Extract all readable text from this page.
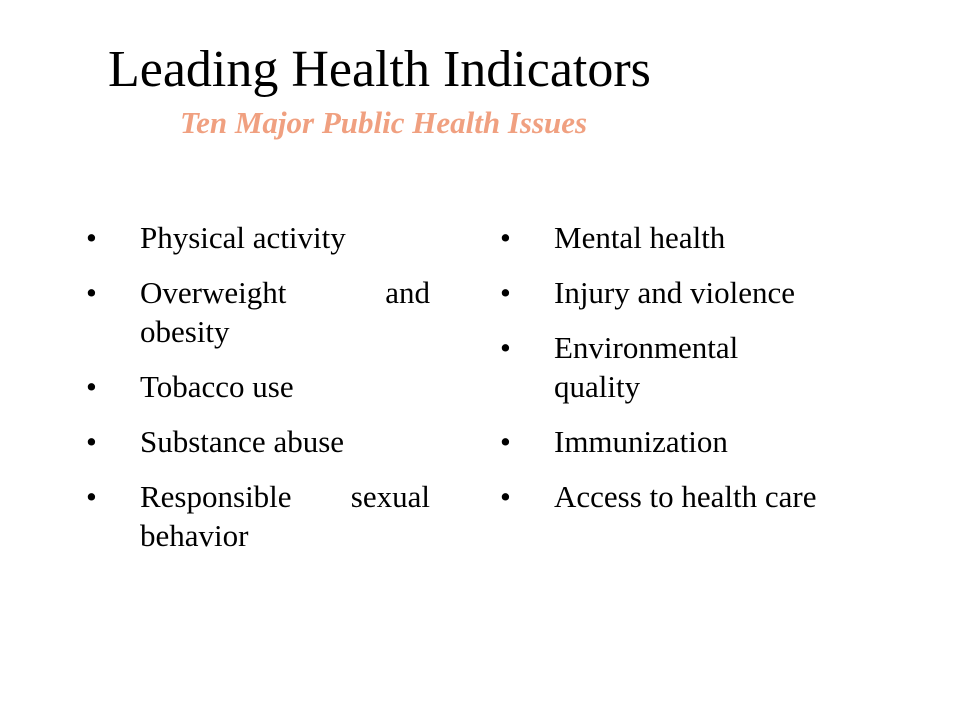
Leading Health Indicators
Ten Major Public Health Issues
• Physical activity
• Overweight and obesity
• Tobacco use
• Substance abuse
• Responsible sexual behavior
• Mental health
• Injury and violence
• Environmental quality
• Immunization
• Access to health care
